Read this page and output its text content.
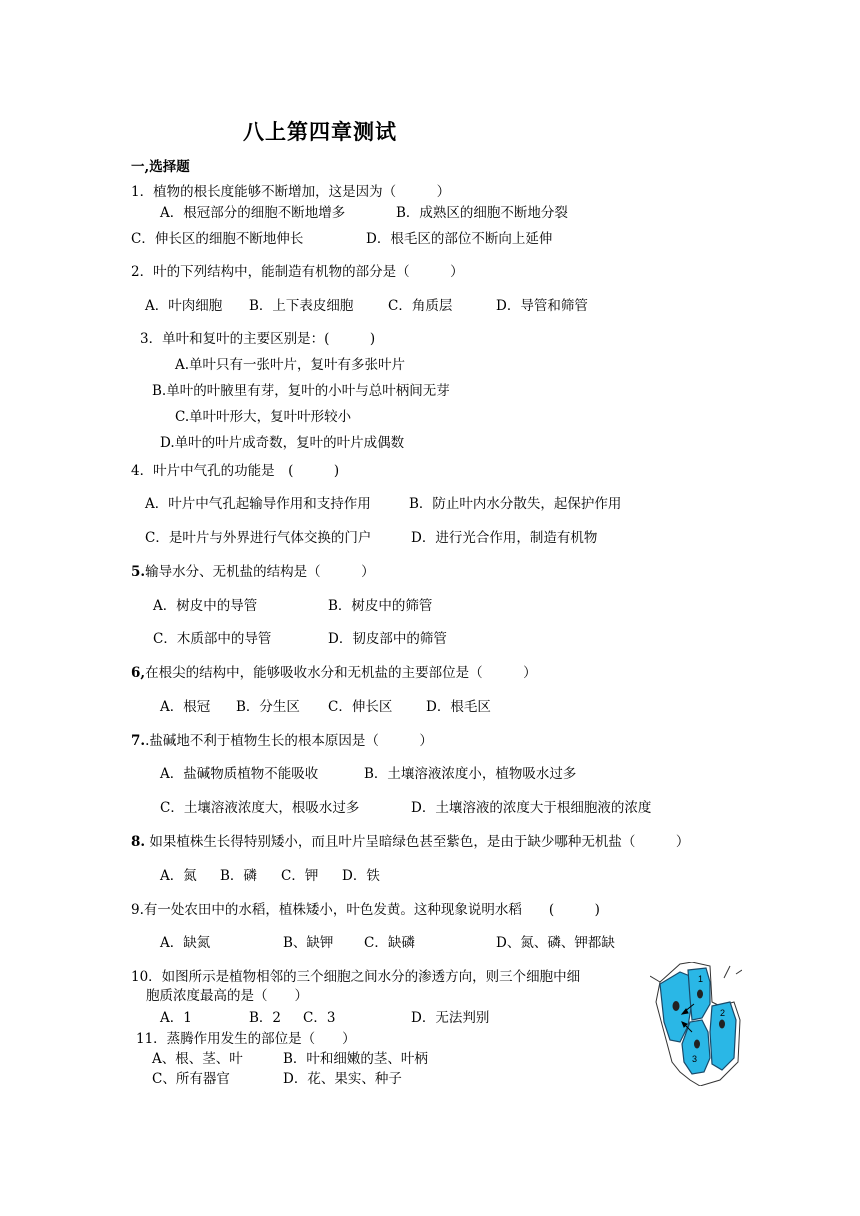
八上第四章测试
一,选择题
1．植物的根长度能够不断增加，这是因为（　　　）
A．根冠部分的细胞不断地增多	B．成熟区的细胞不断地分裂
C．伸长区的细胞不断地伸长	D．根毛区的部位不断向上延伸
2．叶的下列结构中，能制造有机物的部分是（　　　）
A．叶肉细胞 B．上下表皮细胞	C．角质层	D．导管和筛管
3．单叶和复叶的主要区别是：(　　　)
A.单叶只有一张叶片，复叶有多张叶片
B.单叶的叶腋里有芽，复叶的小叶与总叶柄间无芽
C.单叶叶形大，复叶叶形较小
D.单叶的叶片成奇数，复叶的叶片成偶数
4．叶片中气孔的功能是　(　　　)
A．叶片中气孔起输导作用和支持作用	B．防止叶内水分散失，起保护作用
C．是叶片与外界进行气体交换的门户	D．进行光合作用，制造有机物
5.输导水分、无机盐的结构是（　　　）
A．树皮中的导管	B．树皮中的筛管
C．木质部中的导管	D．韧皮部中的筛管
6,在根尖的结构中，能够吸收水分和无机盐的主要部位是（　　　）
A．根冠 B．分生区 C．伸长区 D．根毛区
7..盐碱地不利于植物生长的根本原因是（　　　）
A．盐碱物质植物不能吸收	B．土壤溶液浓度小，植物吸水过多
C．土壤溶液浓度大，根吸水过多	D．土壤溶液的浓度大于根细胞液的浓度
8. 如果植株生长得特别矮小，而且叶片呈暗绿色甚至紫色，是由于缺少哪种无机盐（　　　）
A．氮 B．磷 C．钾 D．铁
9.有一处农田中的水稻，植株矮小，叶色发黄。这种现象说明水稻　　(　　　)
A．缺氮	B、缺钾 C．缺磷	D、氮、磷、钾都缺
10．如图所示是植物相邻的三个细胞之间水分的渗透方向，则三个细胞中细
胞质浓度最高的是（　　）
A．1	B．2 C．3	D．无法判别
11．蒸腾作用发生的部位是（　　）
A、根、茎、叶	B．叶和细嫩的茎、叶柄
C、所有器官	D．花、果实、种子
1
2
3
